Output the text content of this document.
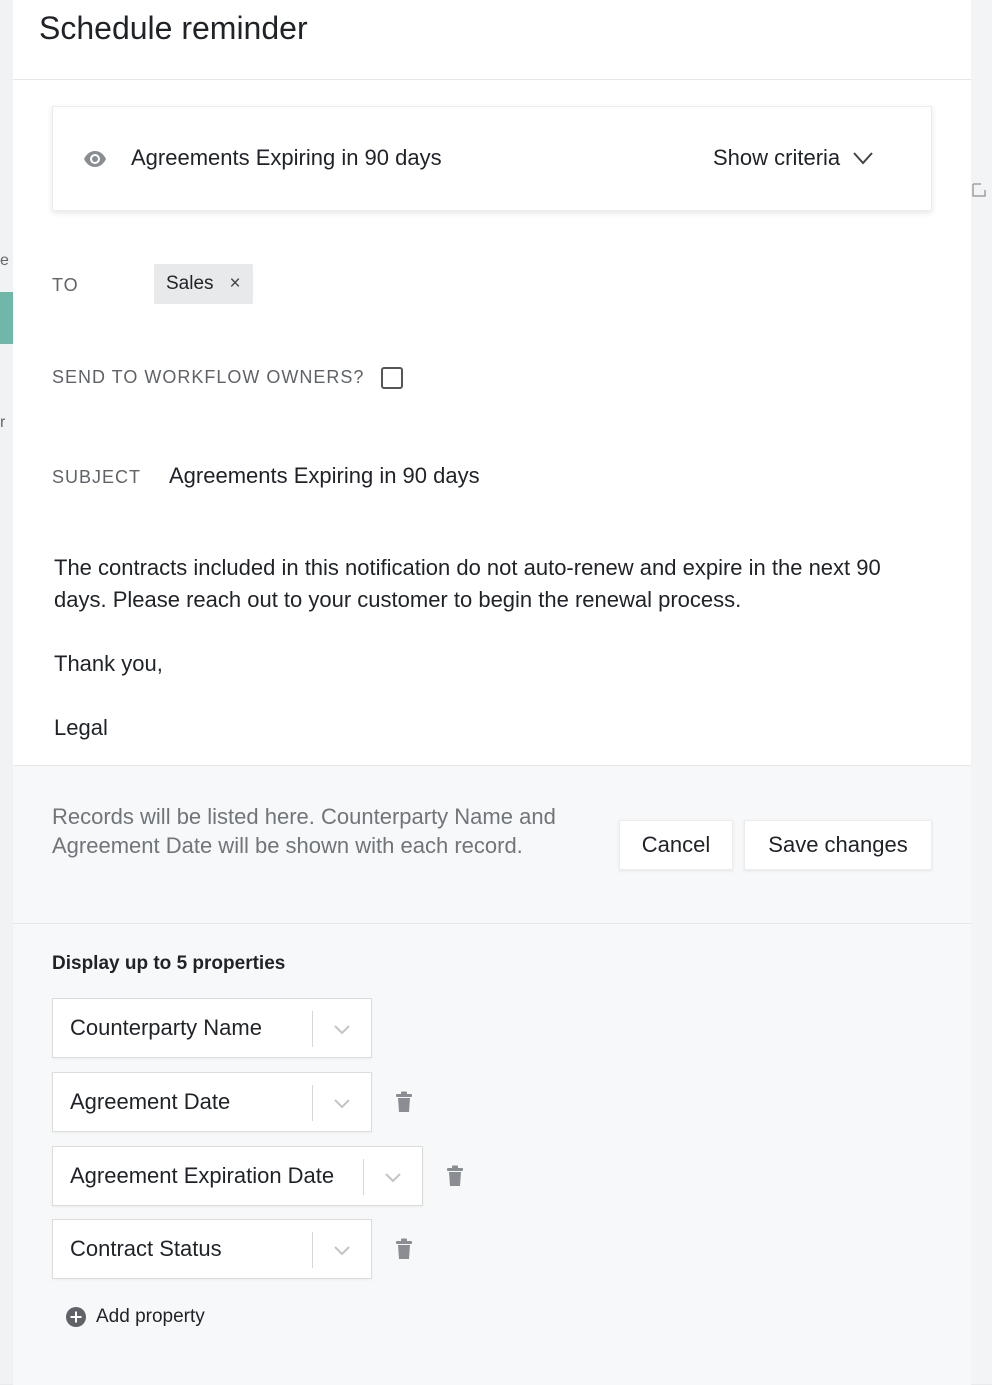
e
r
Schedule reminder
Agreements Expiring in 90 days	Show criteria
TO	Sales ×
SEND TO WORKFLOW OWNERS?
SUBJECT Agreements Expiring in 90 days
The contracts included in this notification do not auto-renew and expire in the next 90 days. Please reach out to your customer to begin the renewal process.
Thank you,
Legal
Records will be listed here. Counterparty Name and Agreement Date will be shown with each record.	Cancel	Save changes
Display up to 5 properties
Counterparty Name
Agreement Date
Agreement Expiration Date
Contract Status
Add property
